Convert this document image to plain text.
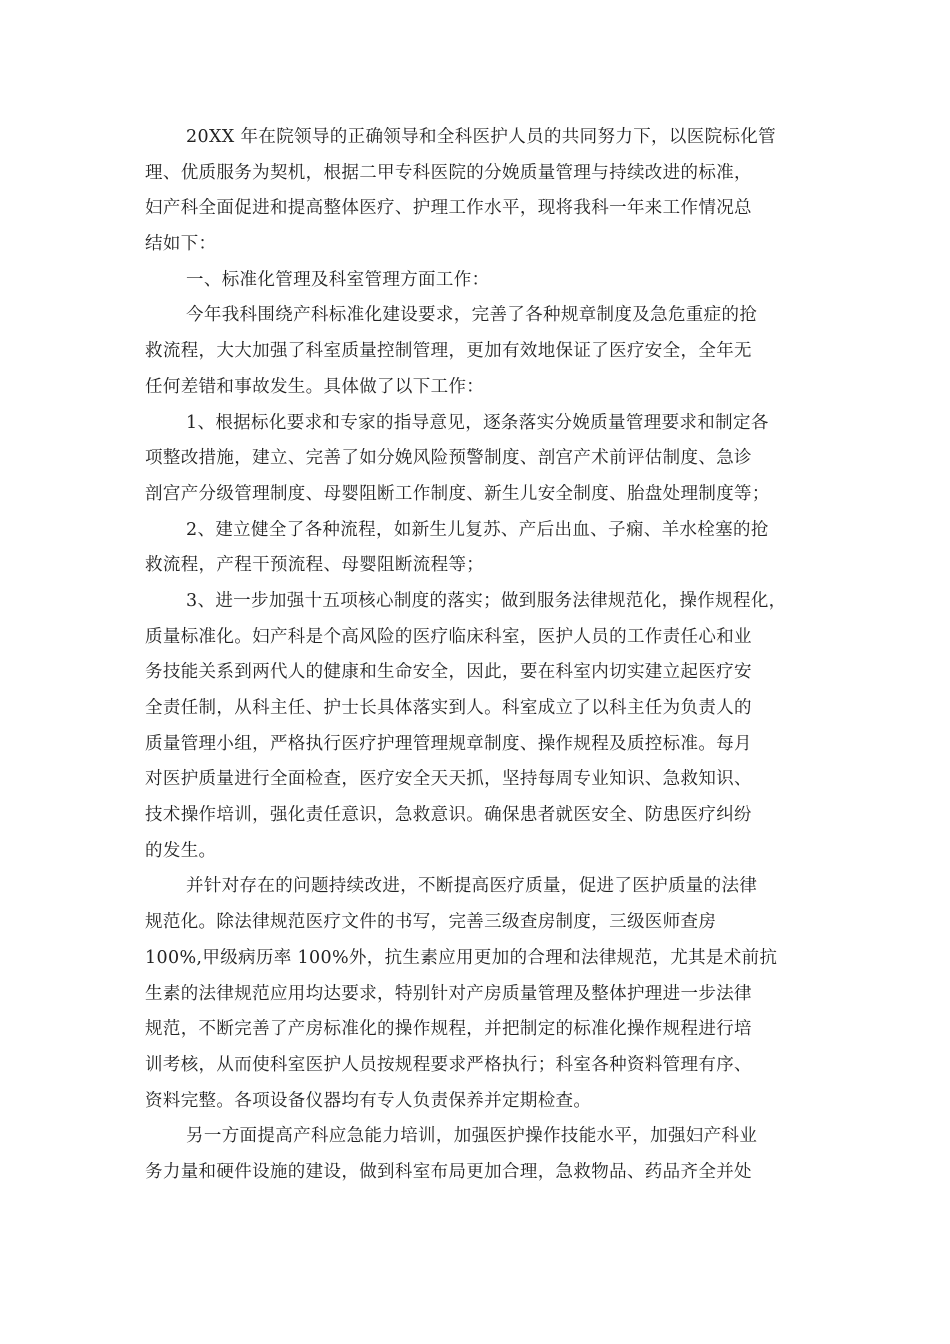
20XX 年在院领导的正确领导和全科医护人员的共同努力下，以医院标化管
理、优质服务为契机，根据二甲专科医院的分娩质量管理与持续改进的标准，
妇产科全面促进和提高整体医疗、护理工作水平，现将我科一年来工作情况总
结如下：
一、标准化管理及科室管理方面工作：
今年我科围绕产科标准化建设要求，完善了各种规章制度及急危重症的抢
救流程，大大加强了科室质量控制管理，更加有效地保证了医疗安全，全年无
任何差错和事故发生。具体做了以下工作：
1、根据标化要求和专家的指导意见，逐条落实分娩质量管理要求和制定各
项整改措施，建立、完善了如分娩风险预警制度、剖宫产术前评估制度、急诊
剖宫产分级管理制度、母婴阻断工作制度、新生儿安全制度、胎盘处理制度等；
2、建立健全了各种流程，如新生儿复苏、产后出血、子痫、羊水栓塞的抢
救流程，产程干预流程、母婴阻断流程等；
3、进一步加强十五项核心制度的落实；做到服务法律规范化，操作规程化，
质量标准化。妇产科是个高风险的医疗临床科室，医护人员的工作责任心和业
务技能关系到两代人的健康和生命安全，因此，要在科室内切实建立起医疗安
全责任制，从科主任、护士长具体落实到人。科室成立了以科主任为负责人的
质量管理小组，严格执行医疗护理管理规章制度、操作规程及质控标准。每月
对医护质量进行全面检查，医疗安全天天抓，坚持每周专业知识、急救知识、
技术操作培训，强化责任意识，急救意识。确保患者就医安全、防患医疗纠纷
的发生。
并针对存在的问题持续改进，不断提高医疗质量，促进了医护质量的法律
规范化。除法律规范医疗文件的书写，完善三级查房制度，三级医师查房
100%,甲级病历率 100%外，抗生素应用更加的合理和法律规范，尤其是术前抗
生素的法律规范应用均达要求，特别针对产房质量管理及整体护理进一步法律
规范，不断完善了产房标准化的操作规程，并把制定的标准化操作规程进行培
训考核，从而使科室医护人员按规程要求严格执行；科室各种资料管理有序、
资料完整。各项设备仪器均有专人负责保养并定期检查。
另一方面提高产科应急能力培训，加强医护操作技能水平，加强妇产科业
务力量和硬件设施的建设，做到科室布局更加合理，急救物品、药品齐全并处
